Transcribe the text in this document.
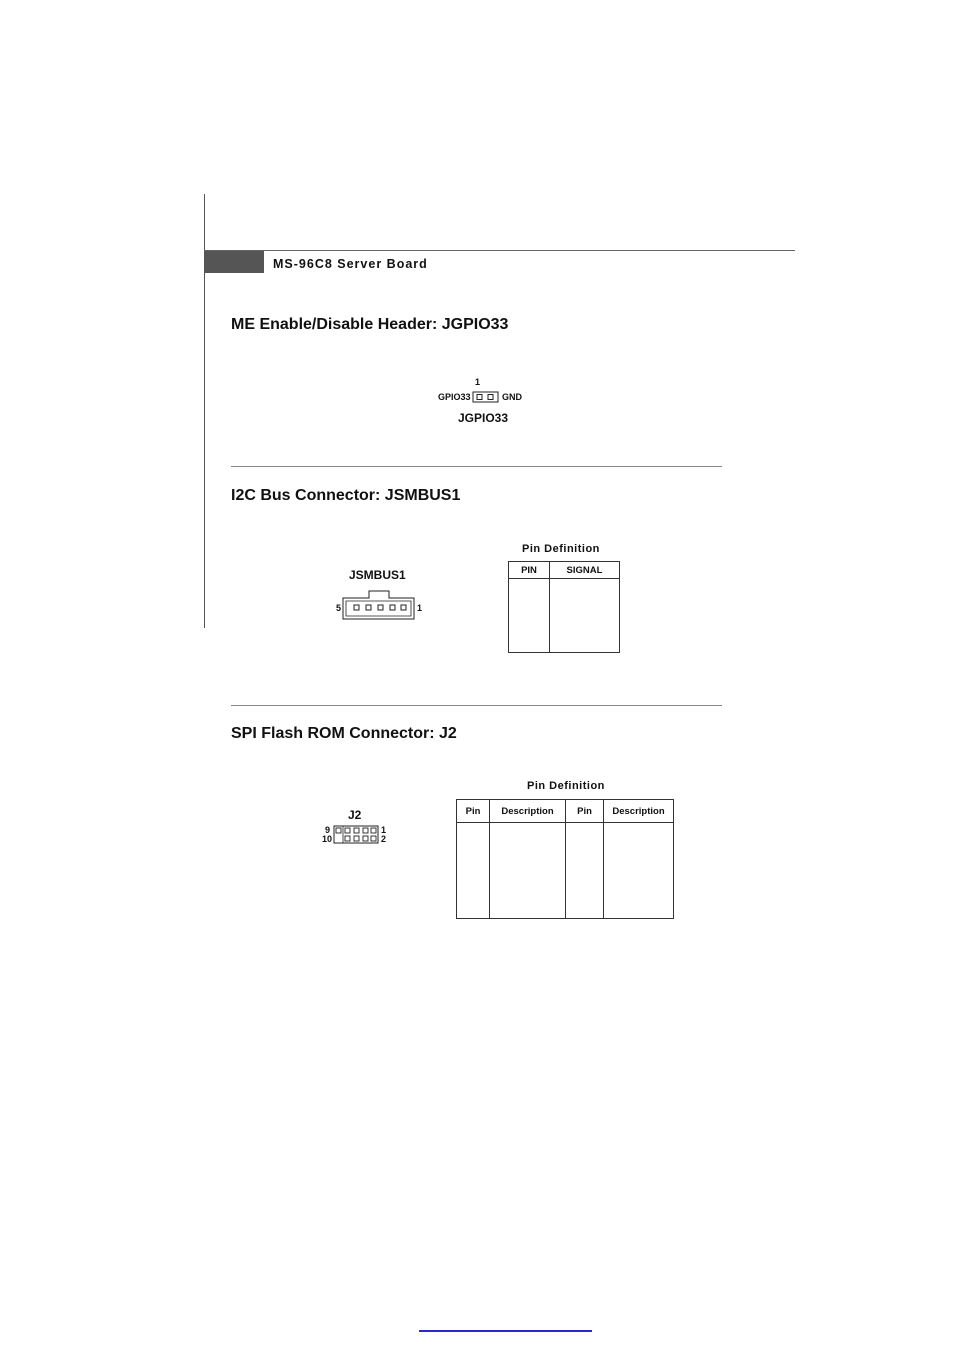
MS-96C8 Server Board
ME Enable/Disable Header: JGPIO33
1
GPIO33	GND
JGPIO33
I2C Bus Connector: JSMBUS1
JSMBUS1
5	1
Pin Definition
PIN	SIGNAL

SPI Flash ROM Connector: J2
J2
9
10
1
2
Pin Definition
Pin	Description	Pin	Description
